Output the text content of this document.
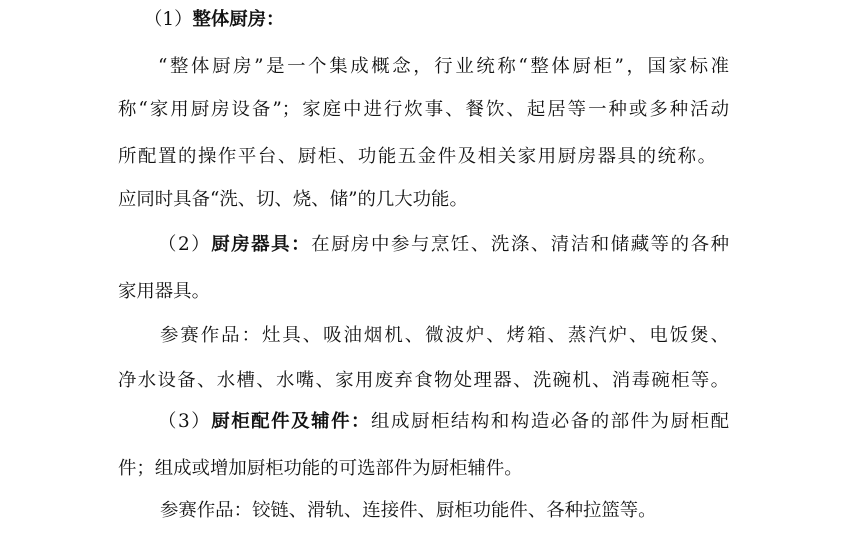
（1）整体厨房：
“整体厨房”是一个集成概念，行业统称“整体厨柜”，国家标准
称“家用厨房设备”；家庭中进行炊事、餐饮、起居等一种或多种活动
所配置的操作平台、厨柜、功能五金件及相关家用厨房器具的统称。
应同时具备“洗、切、烧、储”的几大功能。
（2）厨房器具：在厨房中参与烹饪、洗涤、清洁和储藏等的各种
家用器具。
参赛作品：灶具、吸油烟机、微波炉、烤箱、蒸汽炉、电饭煲、
净水设备、水槽、水嘴、家用废弃食物处理器、洗碗机、消毒碗柜等。
（3）厨柜配件及辅件：组成厨柜结构和构造必备的部件为厨柜配
件；组成或增加厨柜功能的可选部件为厨柜辅件。
参赛作品：铰链、滑轨、连接件、厨柜功能件、各种拉篮等。
